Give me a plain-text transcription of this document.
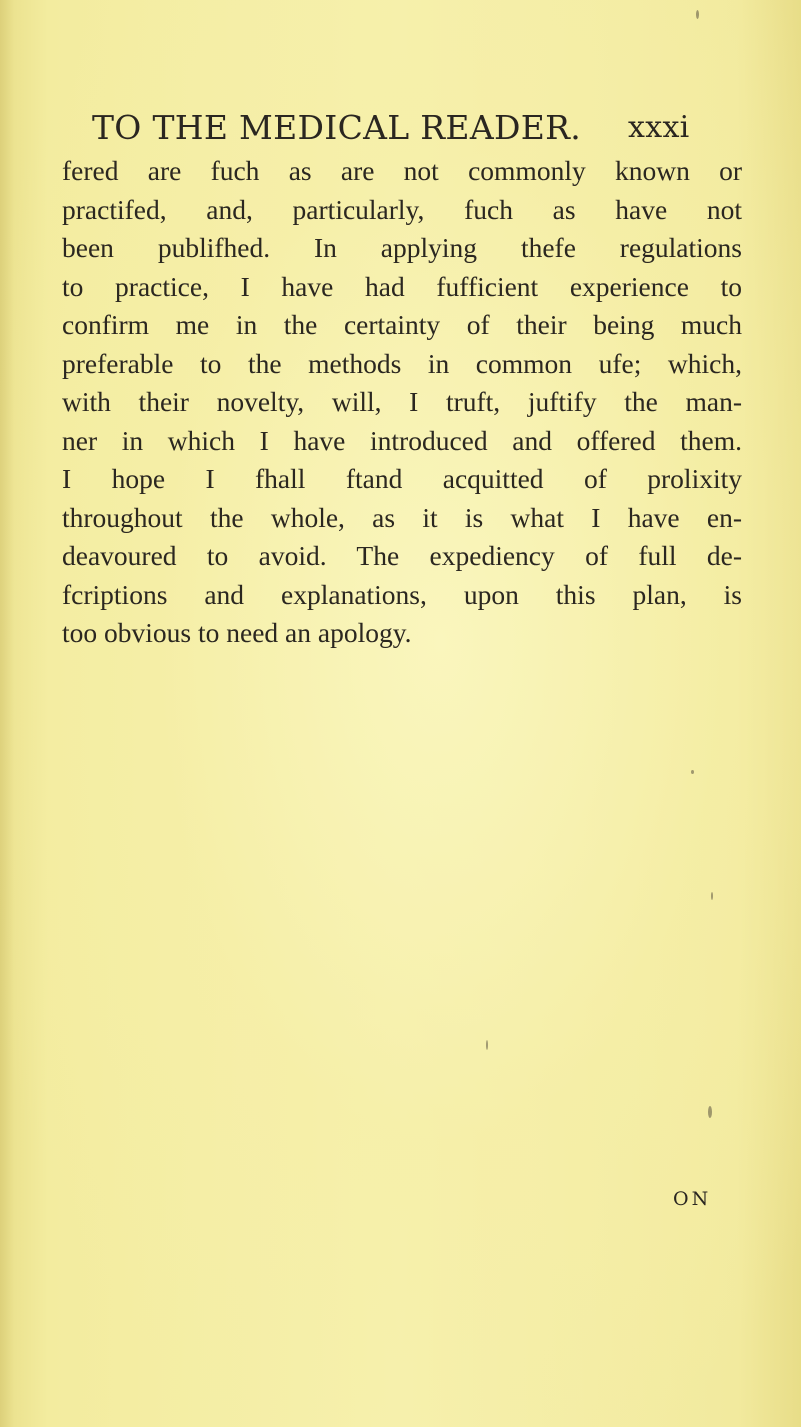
TO THE MEDICAL READER. xxxi
fered are fuch as are not commonly known or
practifed, and, particularly, fuch as have not
been publifhed. In applying thefe regulations
to practice, I have had fufficient experience to
confirm me in the certainty of their being much
preferable to the methods in common ufe; which,
with their novelty, will, I truft, juftify the man-
ner in which I have introduced and offered them.
I hope I fhall ftand acquitted of prolixity
throughout the whole, as it is what I have en-
deavoured to avoid. The expediency of full de-
fcriptions and explanations, upon this plan, is
too obvious to need an apology.
ON
